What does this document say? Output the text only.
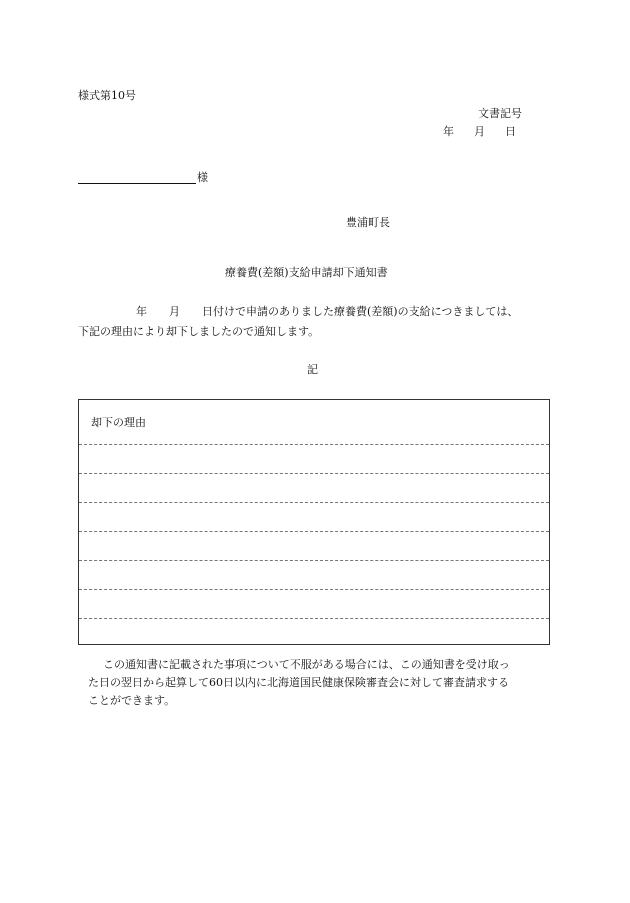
様式第10号
文書記号
年 月 日
様
豊浦町長
療養費(差額)支給申請却下通知書
年 月 日付けで申請のありました療養費(差額)の支給につきましては、
下記の理由により却下しましたので通知します。
記
却下の理由
この通知書に記載された事項について不服がある場合には、この通知書を受け取っ
た日の翌日から起算して60日以内に北海道国民健康保険審査会に対して審査請求する
ことができます。
